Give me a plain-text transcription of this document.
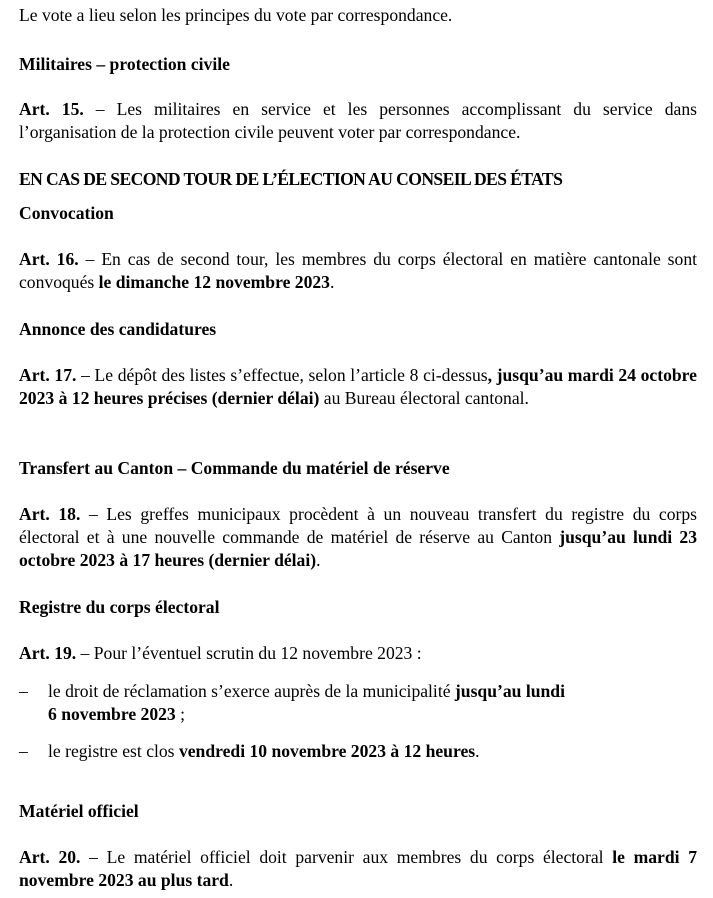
Le vote a lieu selon les principes du vote par correspondance.

Militaires – protection civile

Art. 15. – Les militaires en service et les personnes accomplissant du service dans l’organisation de la protection civile peuvent voter par correspondance.

EN CAS DE SECOND TOUR DE L’ÉLECTION AU CONSEIL DES ÉTATS

Convocation

Art. 16. – En cas de second tour, les membres du corps électoral en matière cantonale sont convoqués le dimanche 12 novembre 2023.

Annonce des candidatures

Art. 17. – Le dépôt des listes s’effectue, selon l’article 8 ci-dessus, jusqu’au mardi 24 octobre 2023 à 12 heures précises (dernier délai) au Bureau électoral cantonal.

Transfert au Canton – Commande du matériel de réserve

Art. 18. – Les greffes municipaux procèdent à un nouveau transfert du registre du corps électoral et à une nouvelle commande de matériel de réserve au Canton jusqu’au lundi 23 octobre 2023 à 17 heures (dernier délai).

Registre du corps électoral

Art. 19. – Pour l’éventuel scrutin du 12 novembre 2023 :

– le droit de réclamation s’exerce auprès de la municipalité jusqu’au lundi
6 novembre 2023 ;
– le registre est clos vendredi 10 novembre 2023 à 12 heures.

Matériel officiel

Art. 20. – Le matériel officiel doit parvenir aux membres du corps électoral le mardi 7 novembre 2023 au plus tard.
